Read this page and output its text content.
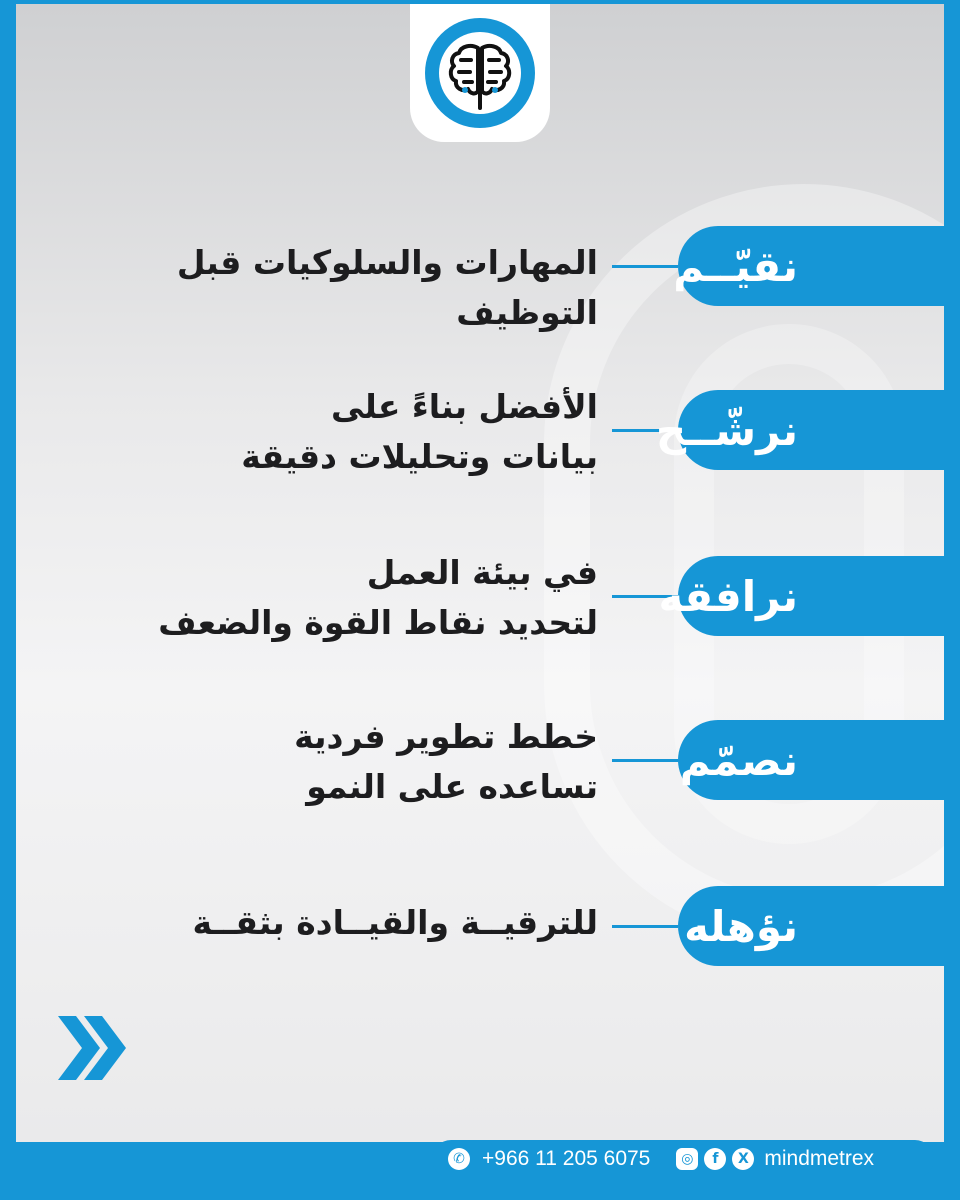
نقيّــم
المهارات والسلوكيات قبل التوظيف
نرشّــح
الأفضل بناءً على
بيانات وتحليلات دقيقة
نرافقه
في بيئة العمل
لتحديد نقاط القوة والضعف
نصمّم
خطط تطوير فردية
تساعده على النمو
نؤهله
للترقيــة والقيــادة بثقــة
✆ +966 11 205 6075	◎	f	X mindmetrex
